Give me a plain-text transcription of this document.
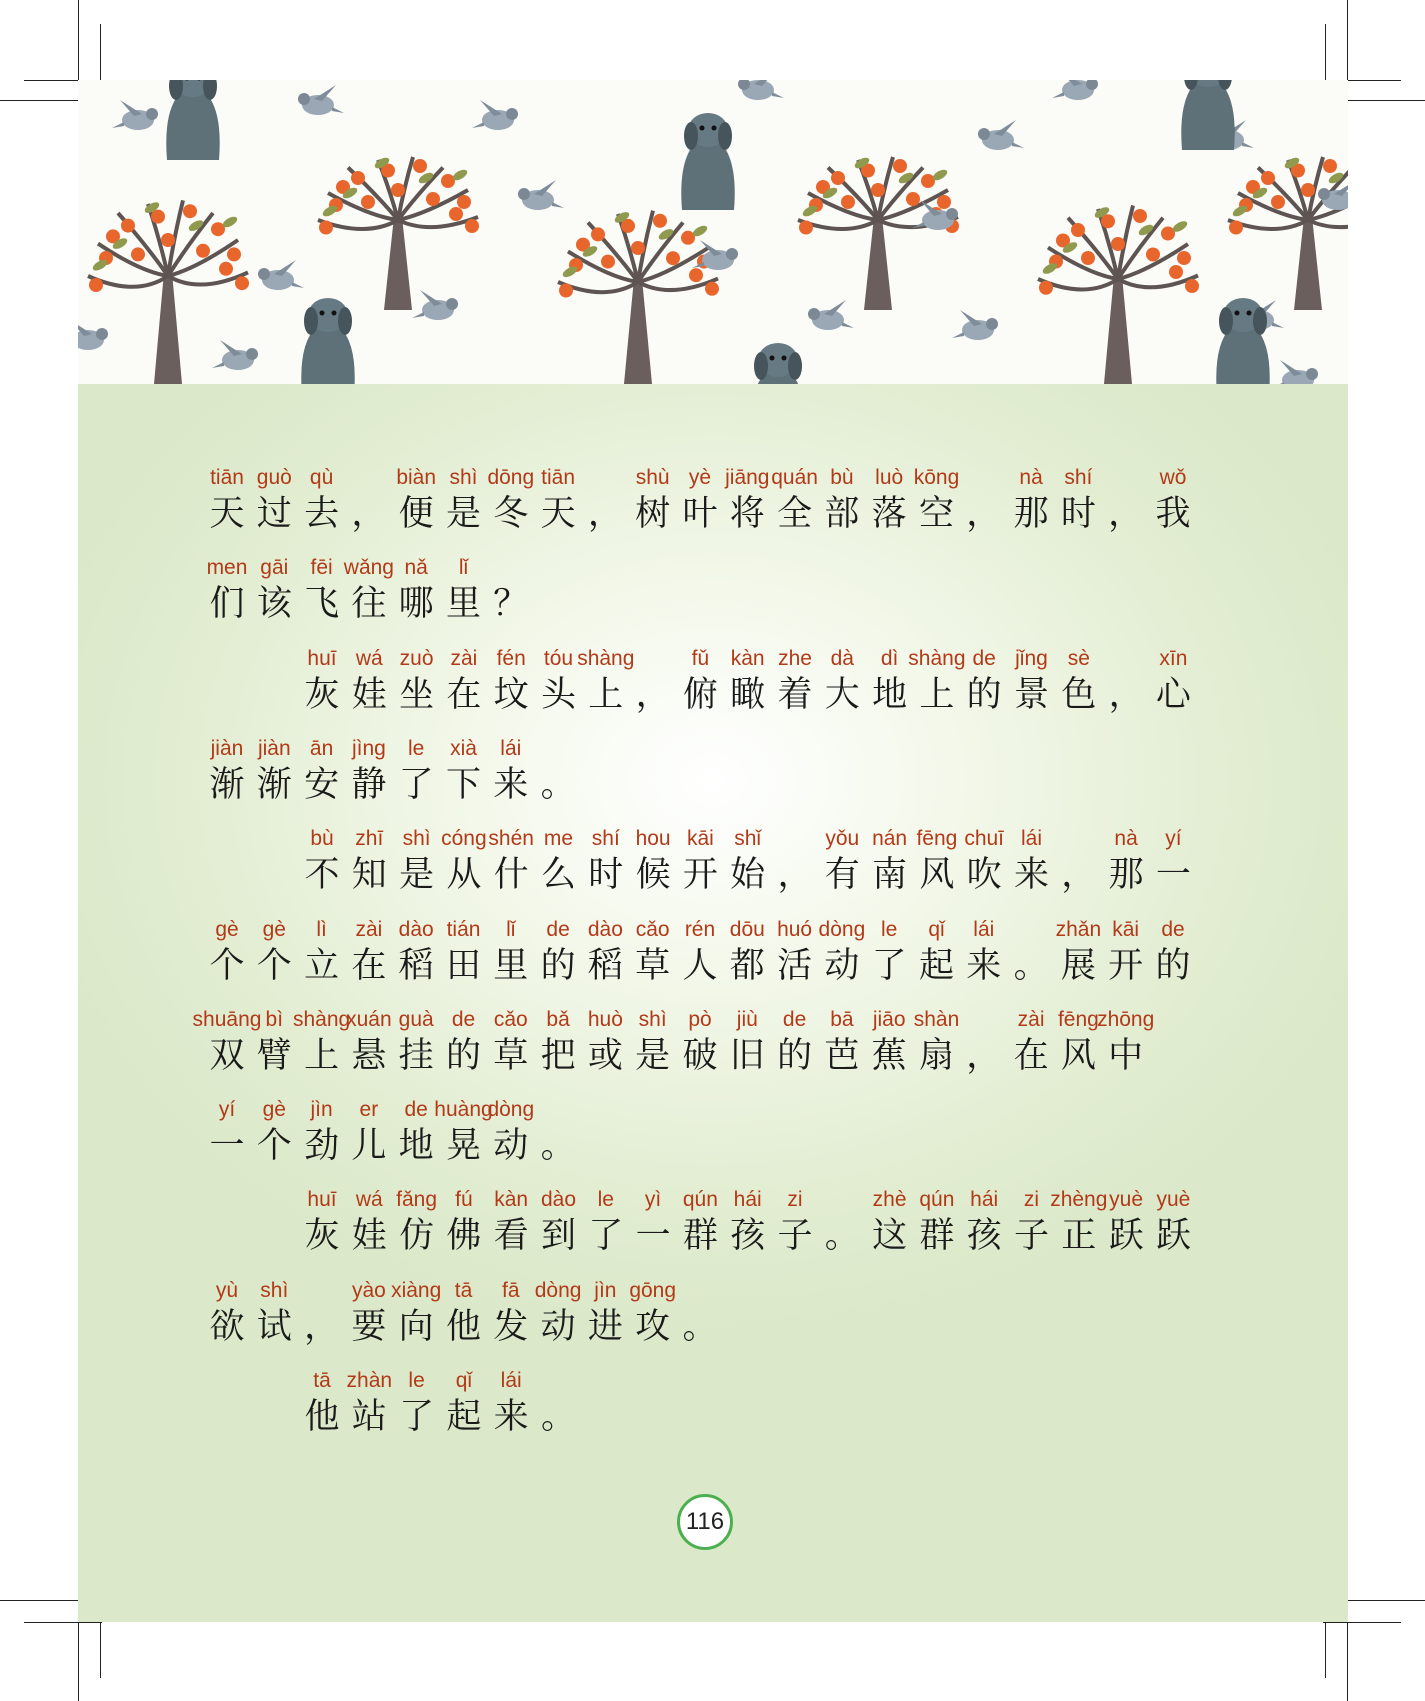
tiān
天
guò
过
qù
去 ，
biàn
便
shì
是
dōng
冬
tiān
天 ，
shù
树
yè
叶
jiāng
将
quán
全
bù
部
luò
落
kōng
空 ，
nà
那
shí
时 ，
wǒ
我
men
们
gāi
该
fēi
飞
wǎng
往
nǎ
哪
lǐ
里 ？
huī
灰
wá
娃
zuò
坐
zài
在
fén
坟
tóu
头
shàng
上 ，
fǔ
俯
kàn
瞰
zhe
着
dà
大
dì
地
shàng
上
de
的
jǐng
景
sè
色 ，
xīn
心
jiàn
渐
jiàn
渐
ān
安
jìng
静
le
了
xià
下
lái
来 。
bù
不
zhī
知
shì
是
cóng
从
shén
什
me
么
shí
时
hou
候
kāi
开
shǐ
始 ，
yǒu
有
nán
南
fēng
风
chuī
吹
lái
来 ，
nà
那
yí
一
gè
个
gè
个
lì
立
zài
在
dào
稻
tián
田
lǐ
里
de
的
dào
稻
cǎo
草
rén
人
dōu
都
huó
活
dòng
动
le
了
qǐ
起
lái
来 。
zhǎn
展
kāi
开
de
的
shuāng
双
bì
臂
shàng
上
xuán
悬
guà
挂
de
的
cǎo
草
bǎ
把
huò
或
shì
是
pò
破
jiù
旧
de
的
bā
芭
jiāo
蕉
shàn
扇 ，
zài
在
fēng
风
zhōng
中
yí
一
gè
个
jìn
劲
er
儿
de
地
huàng
晃
dòng
动 。
huī
灰
wá
娃
fǎng
仿
fú
佛
kàn
看
dào
到
le
了
yì
一
qún
群
hái
孩
zi
子 。
zhè
这
qún
群
hái
孩
zi
子
zhèng
正
yuè
跃
yuè
跃
yù
欲
shì
试 ，
yào
要
xiàng
向
tā
他
fā
发
dòng
动
jìn
进
gōng
攻 。
tā
他
zhàn
站
le
了
qǐ
起
lái
来 。
116
